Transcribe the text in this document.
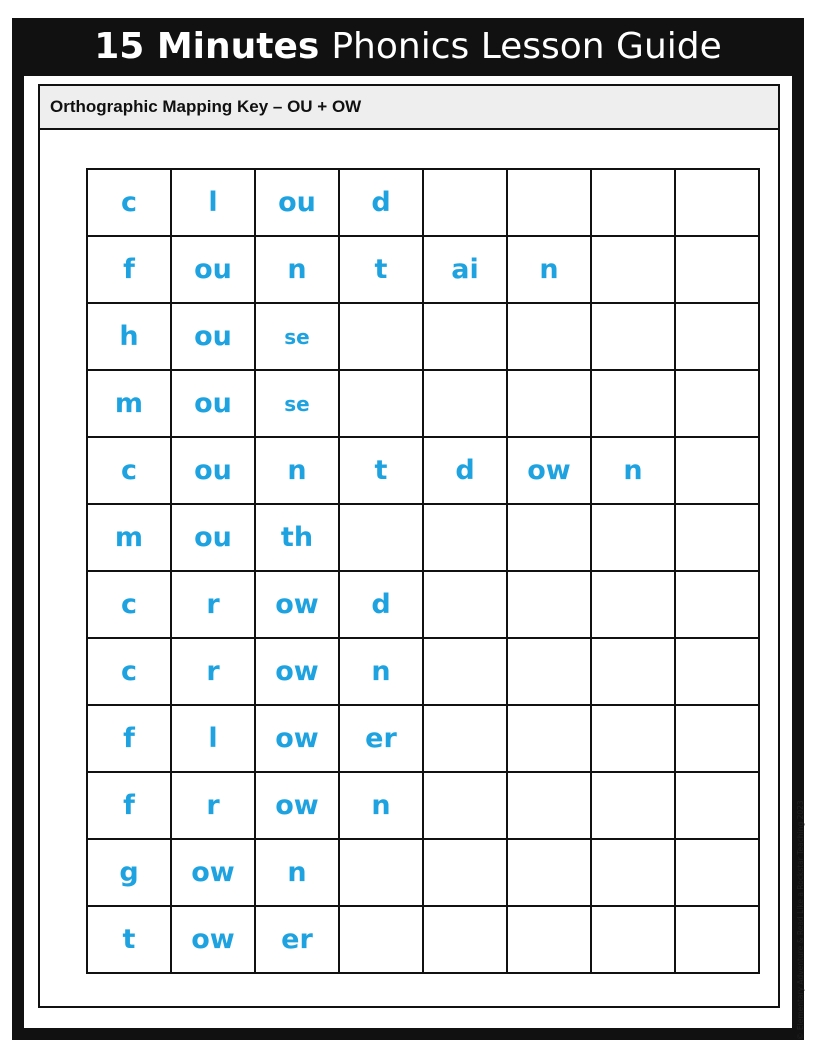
15 Minutes Phonics Lesson Guide
Orthographic Mapping Key – OU + OW
c	l	ou	d				
f	ou	n	t	ai	n		
h	ou	se					
m	ou	se					
c	ou	n	t	d	ow	n	
m	ou	th					
c	r	ow	d				
c	r	ow	n				
f	l	ow	er				
f	r	ow	n				
g	ow	n					
t	ow	er						© Elementary Adventure & Read Like a Rockstar Teaching 2023
